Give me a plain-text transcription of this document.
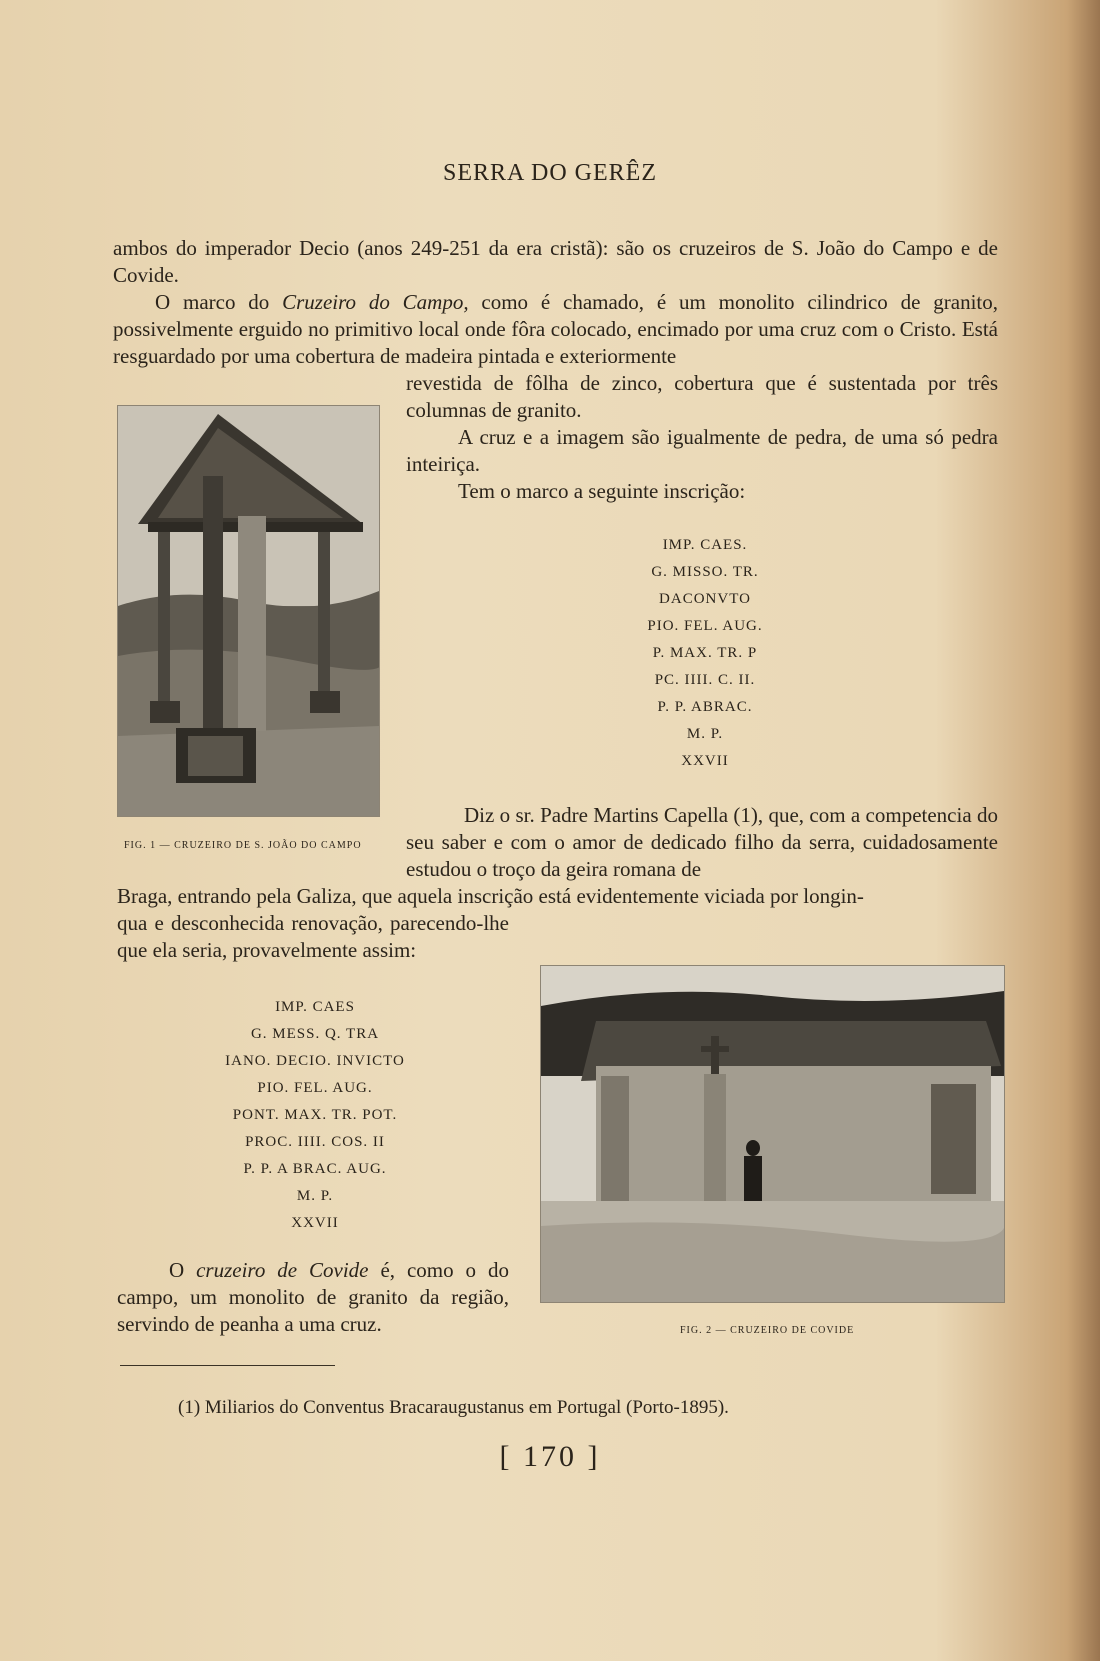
SERRA DO GERÊZ

ambos do imperador Decio (anos 249-251 da era cristã): são os cruzeiros de S. João do Campo e de Covide.

O marco do Cruzeiro do Campo, como é chamado, é um monolito cilindrico de granito, possivelmente erguido no primitivo local onde fôra colocado, encimado por uma cruz com o Cristo. Está resguardado por uma cobertura de madeira pintada e exteriormente

revestida de fôlha de zinco, cobertura que é sustentada por três columnas de granito.

A cruz e a imagem são igualmente de pedra, de uma só pedra inteiriça.

Tem o marco a seguinte inscrição:

IMP. CAES.
G. MISSO. TR.
DACONVTO
PIO. FEL. AUG.
P. MAX. TR. P
PC. IIII. C. II.
P. P. ABRAC.
M. P.
XXVII
FIG. 1 — CRUZEIRO DE S. JOÃO DO CAMPO

Diz o sr. Padre Martins Capella (1), que, com a competencia do seu saber e com o amor de dedicado filho da serra, cuidadosamente estudou o troço da geira romana de

Braga, entrando pela Galiza, que aquela inscrição está evidentemente viciada por longin-

qua e desconhecida renovação, parecendo-lhe que ela seria, provavelmente assim:

IMP. CAES
G. MESS. Q. TRA
IANO. DECIO. INVICTO
PIO. FEL. AUG.
PONT. MAX. TR. POT.
PROC. IIII. COS. II
P. P. A BRAC. AUG.
M. P.
XXVII

O cruzeiro de Covide é, como o do campo, um monolito de granito da região, servindo de peanha a uma cruz.	FIG. 2 — CRUZEIRO DE COVIDE
(1) Miliarios do Conventus Bracaraugustanus em Portugal (Porto-1895).
[ 170 ]
